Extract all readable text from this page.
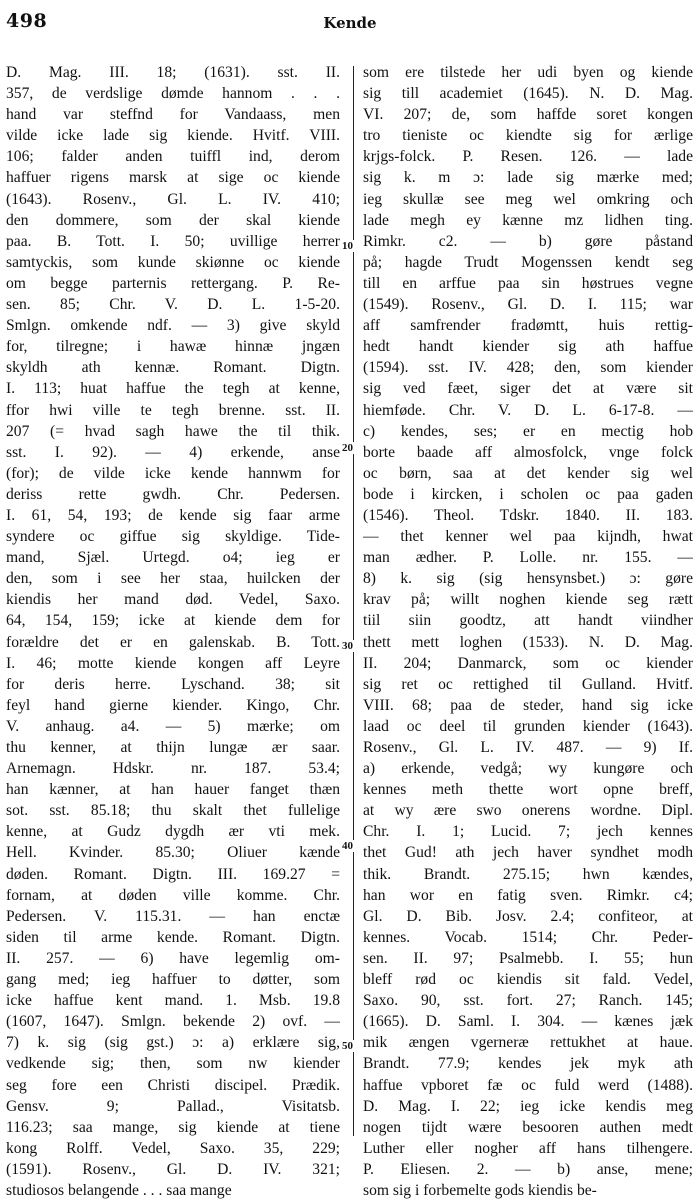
498	Kende
D. Mag. III. 18; (1631). sst. II.
357, de verdslige dømde hannom . . .
hand var steffnd for Vandaass, men
vilde icke lade sig kiende. Hvitf. VIII.
106; falder anden tuiffl ind, derom
haffuer rigens marsk at sige oc kiende
(1643). Rosenv., Gl. L. IV. 410;
den dommere, som der skal kiende
paa. B. Tott. I. 50; uvillige herrer
samtyckis, som kunde skiønne oc kiende
om begge parternis rettergang. P. Re-
sen. 85; Chr. V. D. L. 1-5-20.
Smlgn. omkende ndf. — 3) give skyld
for, tilregne; i hawæ hinnæ jngæn
skyldh ath kennæ. Romant. Digtn.
I. 113; huat haffue the tegh at kenne,
ffor hwi ville te tegh brenne. sst. II.
207 (= hvad sagh hawe the til thik.
sst. I. 92). — 4) erkende, anse
(for); de vilde icke kende hannwm for
deriss rette gwdh. Chr. Pedersen.
I. 61, 54, 193; de kende sig faar arme
syndere oc giffue sig skyldige. Tide-
mand, Sjæl. Urtegd. o4; ieg er
den, som i see her staa, huilcken der
kiendis her mand død. Vedel, Saxo.
64, 154, 159; icke at kiende dem for
forældre det er en galenskab. B. Tott.
I. 46; motte kiende kongen aff Leyre
for deris herre. Lyschand. 38; sit
feyl hand gierne kiender. Kingo, Chr.
V. anhaug. a4. — 5) mærke; om
thu kenner, at thijn lungæ ær saar.
Arnemagn. Hdskr. nr. 187. 53.4;
han kænner, at han hauer fanget thæn
sot. sst. 85.18; thu skalt thet fullelige
kenne, at Gudz dygdh ær vti mek.
Hell. Kvinder. 85.30; Oliuer kænde
døden. Romant. Digtn. III. 169.27 =
fornam, at døden ville komme. Chr.
Pedersen. V. 115.31. — han enctæ
siden til arme kende. Romant. Digtn.
II. 257. — 6) have legemlig om-
gang med; ieg haffuer to døtter, som
icke haffue kent mand. 1. Msb. 19.8
(1607, 1647). Smlgn. bekende 2) ovf. —
7) k. sig (sig gst.) ɔ: a) erklære sig,
vedkende sig; then, som nw kiender
seg fore een Christi discipel. Prædik.
Gensv. 9; Pallad., Visitatsb.
116.23; saa mange, sig kiende at tiene
kong Rolff. Vedel, Saxo. 35, 229;
(1591). Rosenv., Gl. D. IV. 321;
studiosos belangende . . . saa mange
som ere tilstede her udi byen og kiende
sig till academiet (1645). N. D. Mag.
VI. 207; de, som haffde soret kongen
tro tieniste oc kiendte sig for ærlige
krjgs-folck. P. Resen. 126. — lade
sig k. m ɔ: lade sig mærke med;
ieg skullæ see meg wel omkring och
lade megh ey kænne mz lidhen ting.
Rimkr. c2. — b) gøre påstand
på; hagde Trudt Mogenssen kendt seg
till en arffue paa sin høstrues vegne
(1549). Rosenv., Gl. D. I. 115; war
aff samfrender fradømtt, huis rettig-
hedt handt kiender sig ath haffue
(1594). sst. IV. 428; den, som kiender
sig ved fæet, siger det at være sit
hiemføde. Chr. V. D. L. 6-17-8. —
c) kendes, ses; er en mectig hob
borte baade aff almosfolck, vnge folck
oc børn, saa at det kender sig wel
bode i kircken, i scholen oc paa gaden
(1546). Theol. Tdskr. 1840. II. 183.
— thet kenner wel paa kijndh, hwat
man ædher. P. Lolle. nr. 155. —
8) k. sig (sig hensynsbet.) ɔ: gøre
krav på; willt noghen kiende seg rætt
tiil siin goodtz, att handt viindher
thett mett loghen (1533). N. D. Mag.
II. 204; Danmarck, som oc kiender
sig ret oc rettighed til Gulland. Hvitf.
VIII. 68; paa de steder, hand sig icke
laad oc deel til grunden kiender (1643).
Rosenv., Gl. L. IV. 487. — 9) If.
a) erkende, vedgå; wy kungøre och
kennes meth thette wort opne breff,
at wy ære swo onerens wordne. Dipl.
Chr. I. 1; Lucid. 7; jech kennes
thet Gud! ath jech haver syndhet modh
thik. Brandt. 275.15; hwn kændes,
han wor en fatig sven. Rimkr. c4;
Gl. D. Bib. Josv. 2.4; confiteor, at
kennes. Vocab. 1514; Chr. Peder-
sen. II. 97; Psalmebb. I. 55; hun
bleff rød oc kiendis sit fald. Vedel,
Saxo. 90, sst. fort. 27; Ranch. 145;
(1665). D. Saml. I. 304. — kænes jæk
mik ængen vgerneræ rettukhet at haue.
Brandt. 77.9; kendes jek myk ath
haffue vpboret fæ oc fuld werd (1488).
D. Mag. I. 22; ieg icke kendis meg
nogen tijdt wære besooren authen medt
Luther eller nogher aff hans tilhengere.
P. Eliesen. 2. — b) anse, mene;
som sig i forbemelte gods kiendis be-
10
20
30
40
50
